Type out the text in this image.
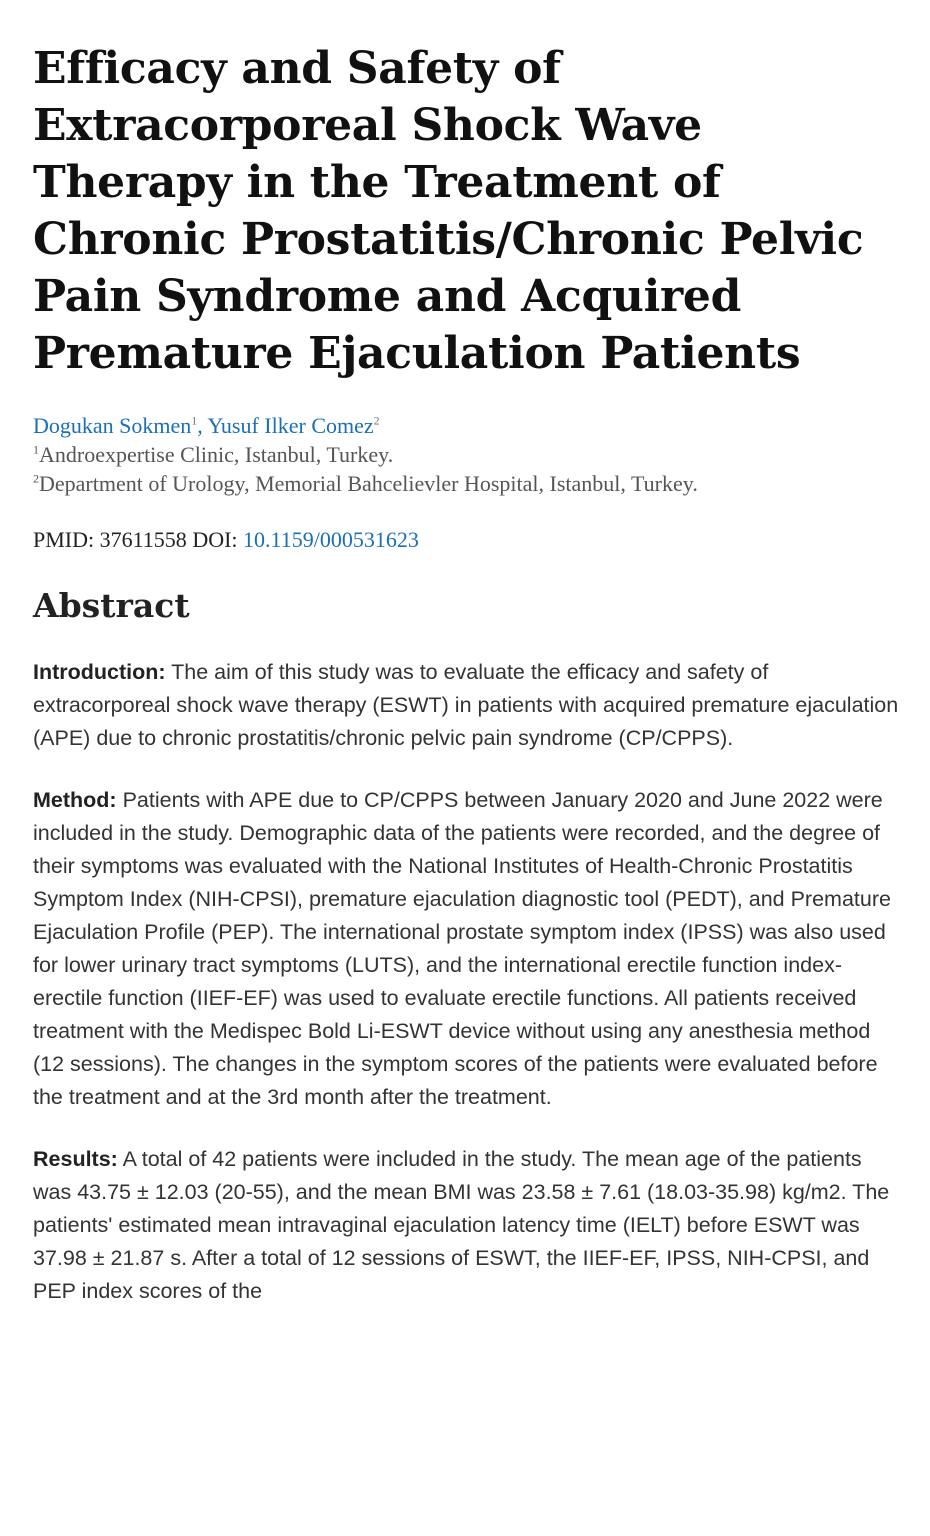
Efficacy and Safety of Extracorporeal Shock Wave Therapy in the Treatment of Chronic Prostatitis/Chronic Pelvic Pain Syndrome and Acquired Premature Ejaculation Patients
Dogukan Sokmen$^1$, Yusuf Ilker Comez$^2$
$^1$Androexpertise Clinic, Istanbul, Turkey.
$^2$Department of Urology, Memorial Bahcelievler Hospital, Istanbul, Turkey.
PMID: 37611558 DOI: 10.1159/000531623
Abstract
Introduction: The aim of this study was to evaluate the efficacy and safety of extracorporeal shock wave therapy (ESWT) in patients with acquired premature ejaculation (APE) due to chronic prostatitis/chronic pelvic pain syndrome (CP/CPPS).
Method: Patients with APE due to CP/CPPS between January 2020 and June 2022 were included in the study. Demographic data of the patients were recorded, and the degree of their symptoms was evaluated with the National Institutes of Health-Chronic Prostatitis Symptom Index (NIH-CPSI), premature ejaculation diagnostic tool (PEDT), and Premature Ejaculation Profile (PEP). The international prostate symptom index (IPSS) was also used for lower urinary tract symptoms (LUTS), and the international erectile function index-erectile function (IIEF-EF) was used to evaluate erectile functions. All patients received treatment with the Medispec Bold Li-ESWT device without using any anesthesia method (12 sessions). The changes in the symptom scores of the patients were evaluated before the treatment and at the 3rd month after the treatment.
Results: A total of 42 patients were included in the study. The mean age of the patients was 43.75 ± 12.03 (20-55), and the mean BMI was 23.58 ± 7.61 (18.03-35.98) kg/m2. The patients' estimated mean intravaginal ejaculation latency time (IELT) before ESWT was 37.98 ± 21.87 s. After a total of 12 sessions of ESWT, the IIEF-EF, IPSS, NIH-CPSI, and PEP index scores of the
